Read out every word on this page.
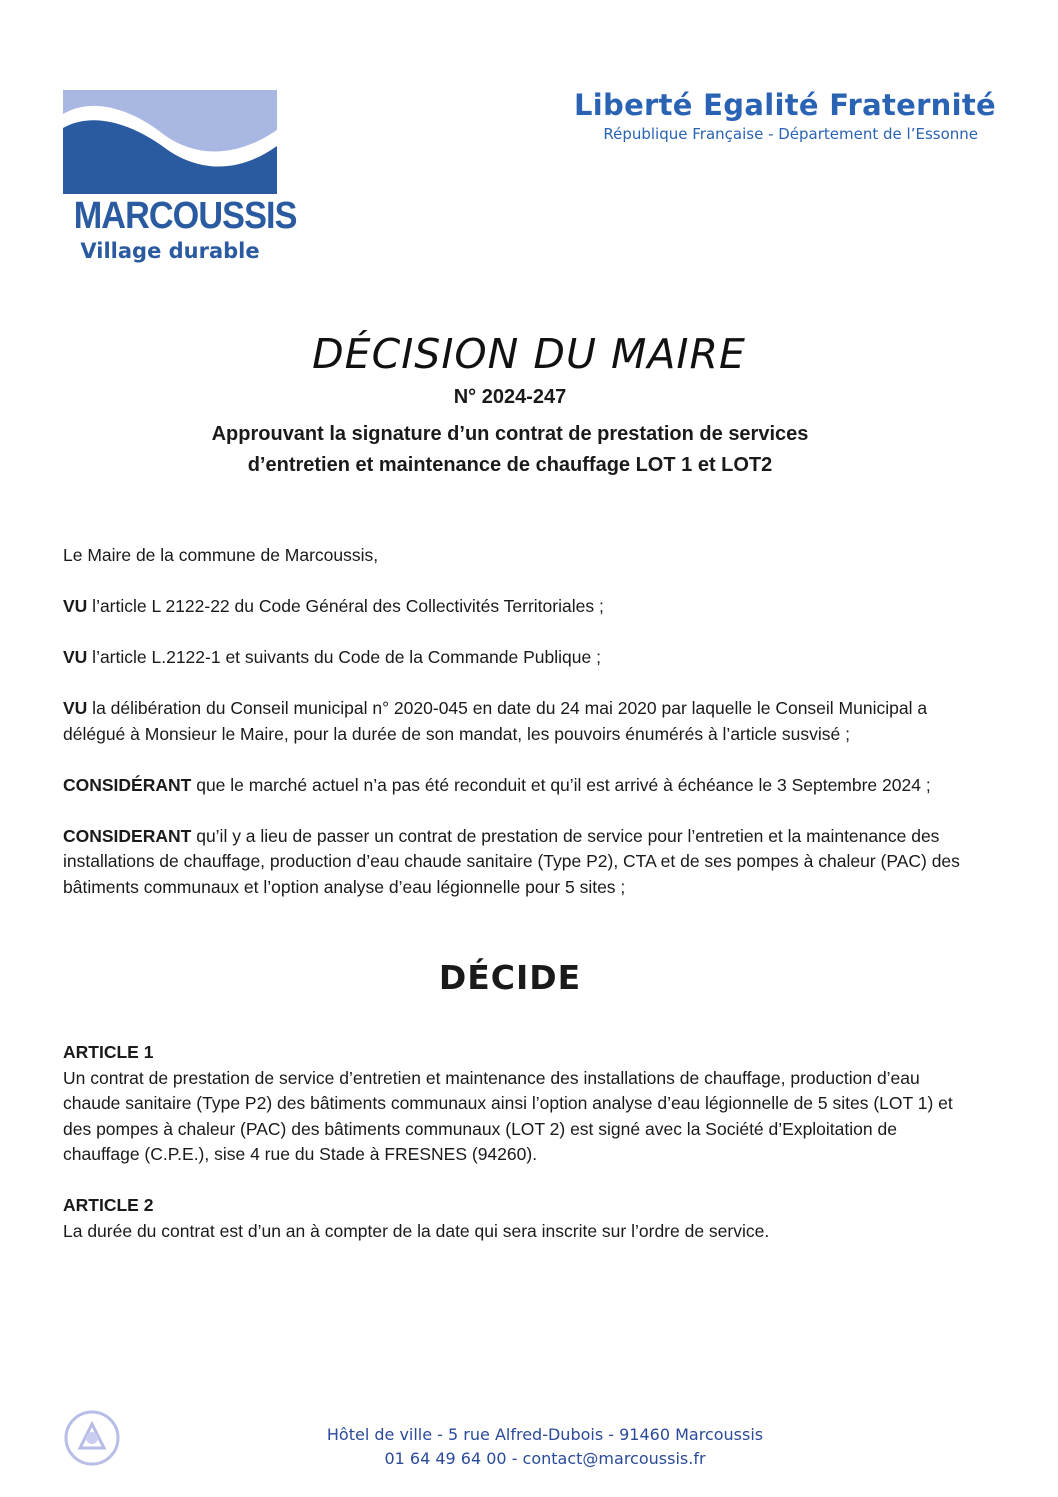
MARCOUSSIS
Village durable
Liberté Egalité Fraternité
République Française - Département de l’Essonne
DÉCISION DU MAIRE
N° 2024-247
Approuvant la signature d’un contrat de prestation de services
d’entretien et maintenance de chauffage LOT 1 et LOT2

Le Maire de la commune de Marcoussis,

VU l’article L 2122-22 du Code Général des Collectivités Territoriales ;

VU l’article L.2122-1 et suivants du Code de la Commande Publique ;

VU la délibération du Conseil municipal n° 2020-045 en date du 24 mai 2020 par laquelle le Conseil Municipal a délégué à Monsieur le Maire, pour la durée de son mandat, les pouvoirs énumérés à l’article susvisé ;

CONSIDÉRANT que le marché actuel n’a pas été reconduit et qu’il est arrivé à échéance le 3 Septembre 2024 ;

CONSIDERANT qu’il y a lieu de passer un contrat de prestation de service pour l’entretien et la maintenance des installations de chauffage, production d’eau chaude sanitaire (Type P2), CTA et de ses pompes à chaleur (PAC) des bâtiments communaux et l’option analyse d’eau légionnelle pour 5 sites ;

DÉCIDE
ARTICLE 1

Un contrat de prestation de service d’entretien et maintenance des installations de chauffage, production d’eau chaude sanitaire (Type P2) des bâtiments communaux ainsi l’option analyse d’eau légionnelle de 5 sites (LOT 1) et des pompes à chaleur (PAC) des bâtiments communaux (LOT 2) est signé avec la Société d’Exploitation de chauffage (C.P.E.), sise 4 rue du Stade à FRESNES (94260).

ARTICLE 2

La durée du contrat est d’un an à compter de la date qui sera inscrite sur l’ordre de service.

Hôtel de ville - 5 rue Alfred-Dubois - 91460 Marcoussis
01 64 49 64 00 - contact@marcoussis.fr
